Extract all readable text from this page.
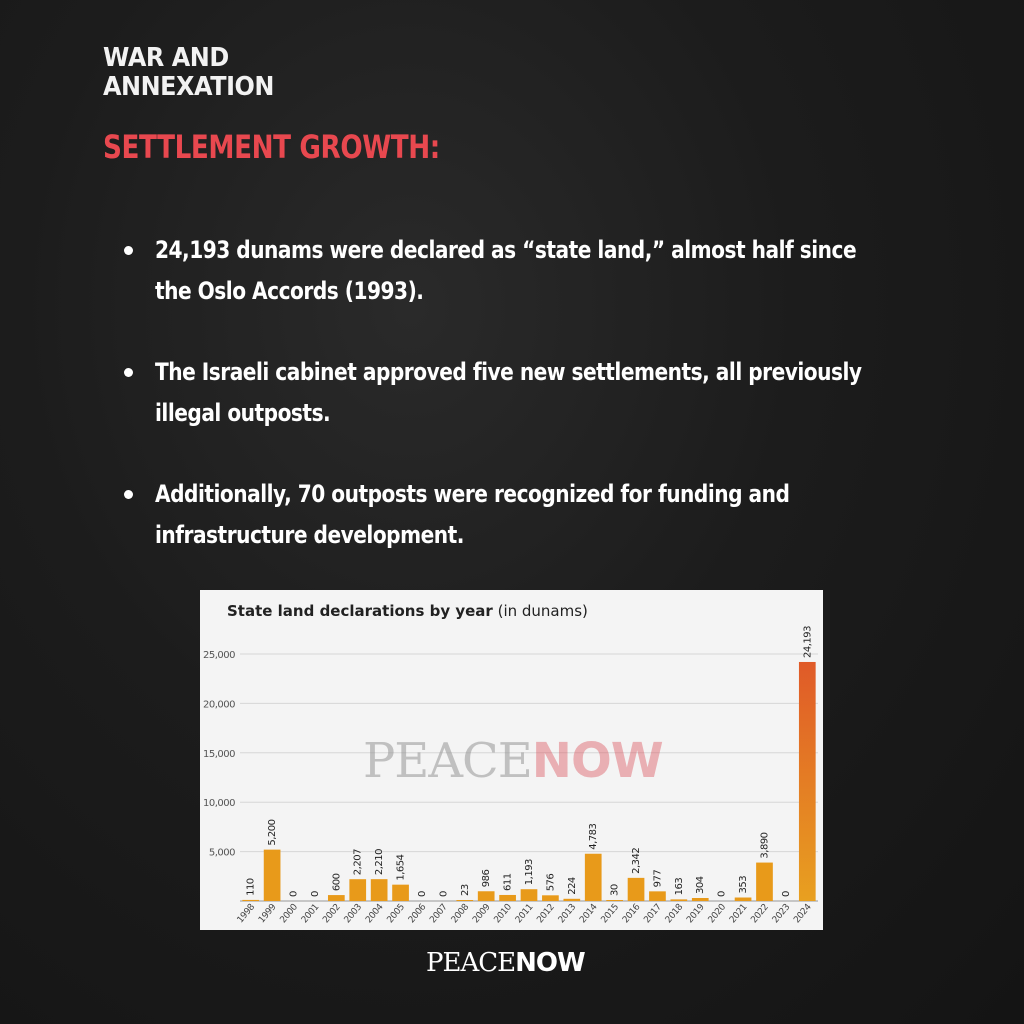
WAR AND
ANNEXATION
SETTLEMENT GROWTH:
24,193 dunams were declared as “state land,” almost half since the Oslo Accords (1993).
The Israeli cabinet approved five new settlements, all previously illegal outposts.
Additionally, 70 outposts were recognized for funding and infrastructure development.
State land declarations by year (in dunams)
5,000
10,000
15,000
20,000
25,000
110
1998
5,200
1999
0
2000
0
2001
600
2002
2,207
2003
2,210
2004
1,654
2005
0
2006
0
2007
23
2008
986
2009
611
2010
1,193
2011
576
2012
224
2013
4,783
2014
30
2015
2,342
2016
977
2017
163
2018
304
2019
0
2020
353
2021
3,890
2022
0
2023
24,193
2024
PEACENOW
PEACENOW
